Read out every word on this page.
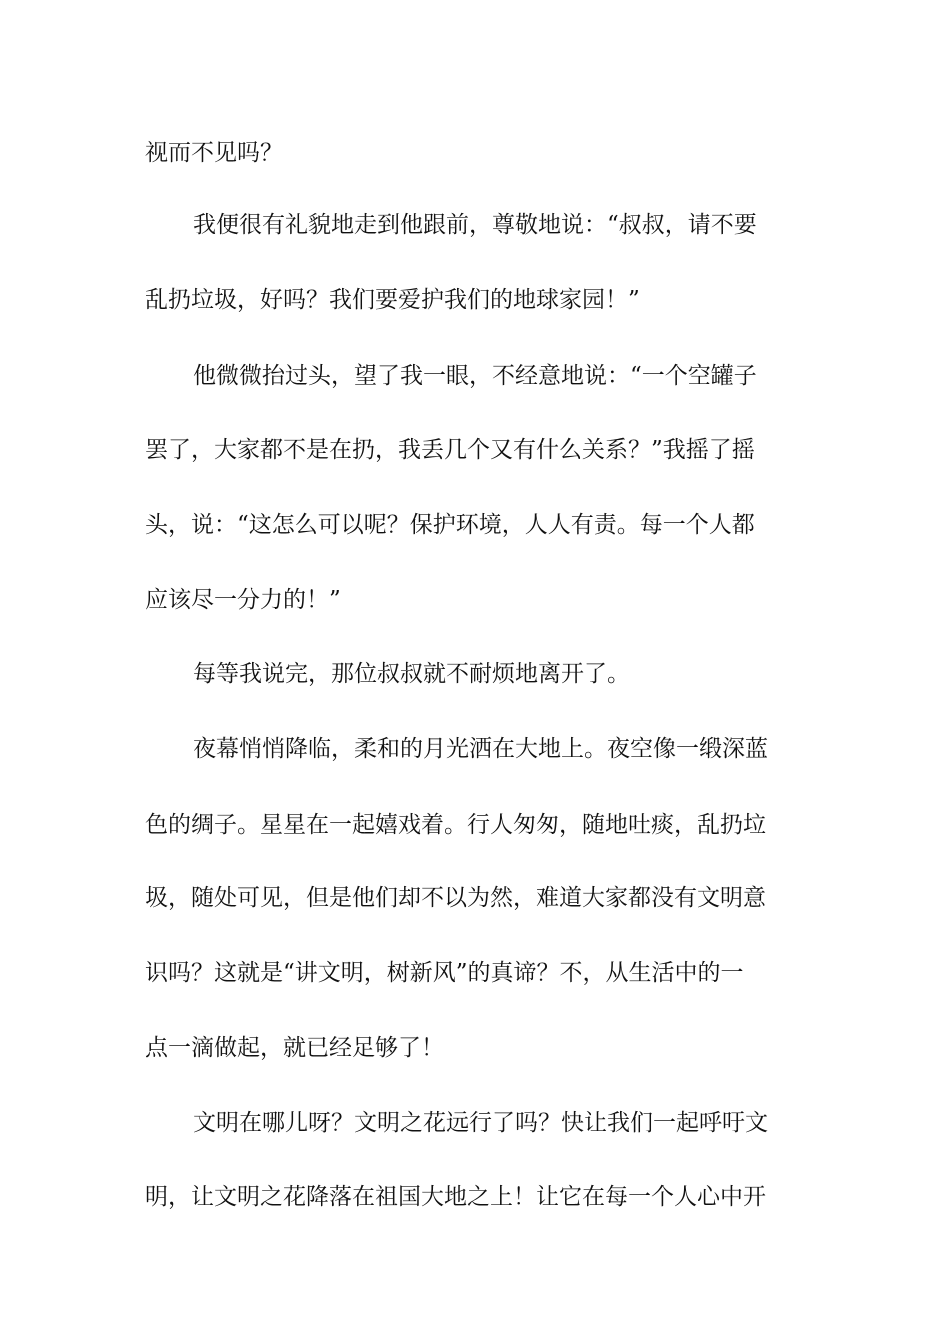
视而不见吗？

我便很有礼貌地走到他跟前，尊敬地说：“叔叔，请不要

乱扔垃圾，好吗？我们要爱护我们的地球家园！”

他微微抬过头，望了我一眼，不经意地说：“一个空罐子

罢了，大家都不是在扔，我丢几个又有什么关系？”我摇了摇

头，说：“这怎么可以呢？保护环境，人人有责。每一个人都

应该尽一分力的！”

每等我说完，那位叔叔就不耐烦地离开了。

夜幕悄悄降临，柔和的月光洒在大地上。夜空像一缎深蓝

色的绸子。星星在一起嬉戏着。行人匆匆，随地吐痰，乱扔垃

圾，随处可见，但是他们却不以为然，难道大家都没有文明意

识吗？这就是“讲文明，树新风”的真谛？不，从生活中的一

点一滴做起，就已经足够了！

文明在哪儿呀？文明之花远行了吗？快让我们一起呼吁文

明，让文明之花降落在祖国大地之上！让它在每一个人心中开
